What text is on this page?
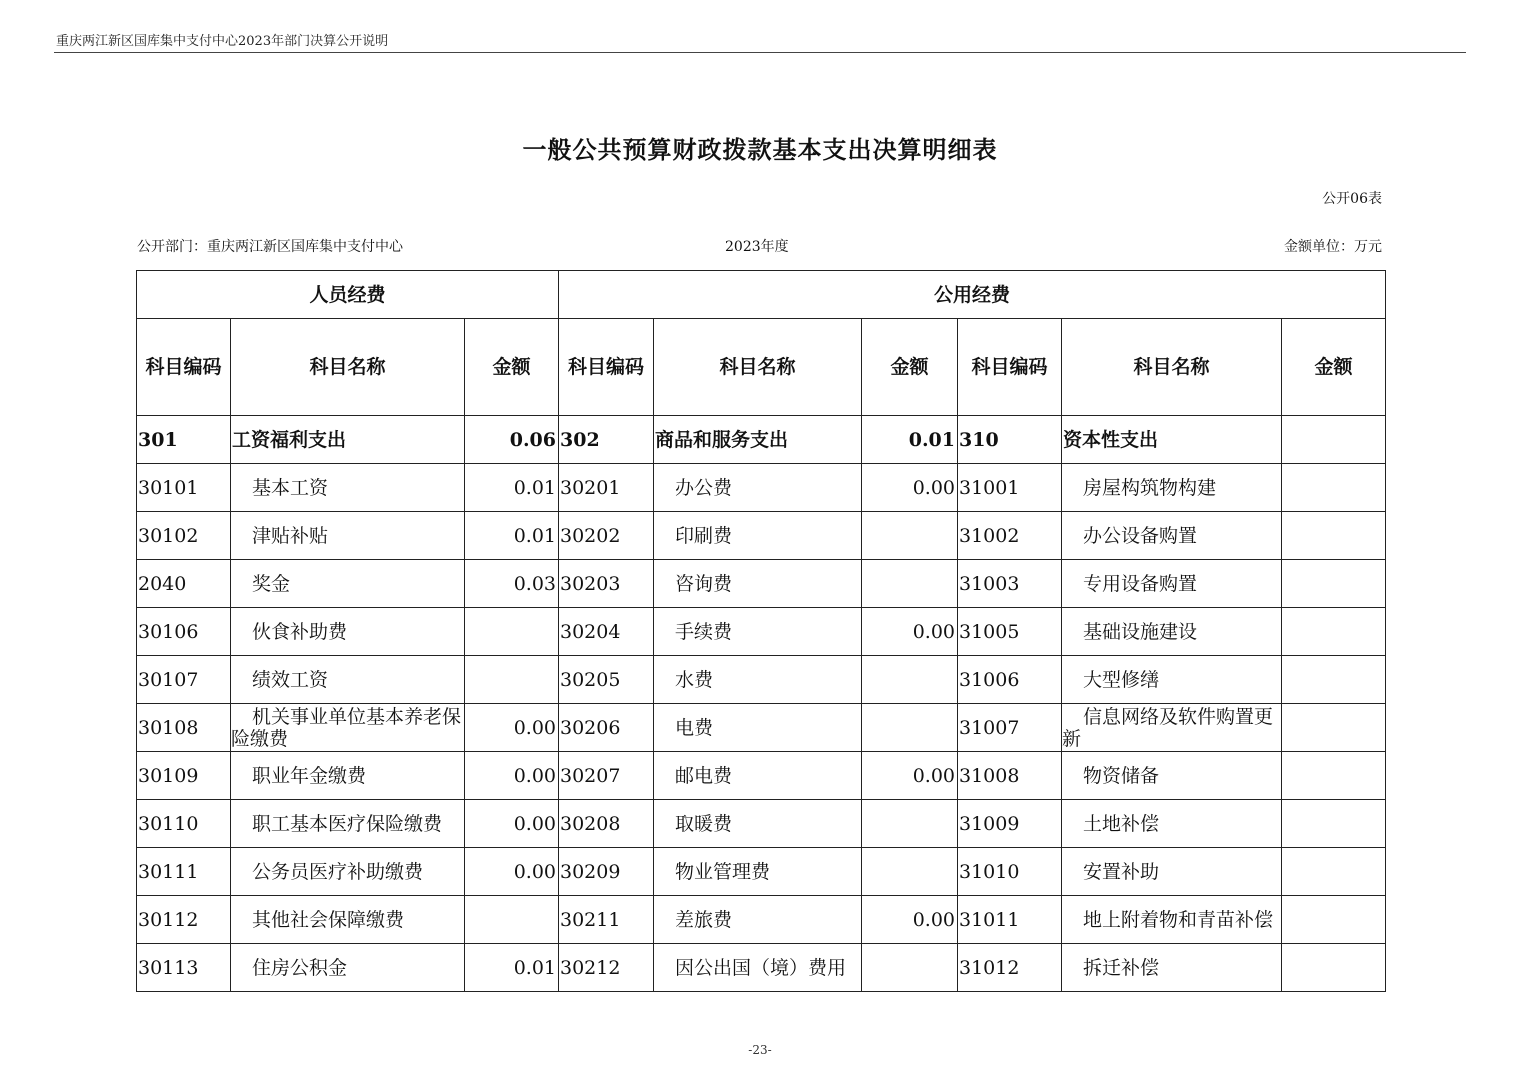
重庆两江新区国库集中支付中心2023年部门决算公开说明
一般公共预算财政拨款基本支出决算明细表
公开06表
公开部门：重庆两江新区国库集中支付中心	2023年度	金额单位：万元
人员经费			公用经费					
科目编码	科目名称	金额	科目编码	科目名称	金额	科目编码	科目名称	金额
301	工资福利支出	0.06	302	商品和服务支出	0.01	310	资本性支出	
30101	基本工资	0.01	30201	办公费	0.00	31001	房屋构筑物构建	
30102	津贴补贴	0.01	30202	印刷费		31002	办公设备购置	
2040	奖金	0.03	30203	咨询费		31003	专用设备购置	
30106	伙食补助费		30204	手续费	0.00	31005	基础设施建设	
30107	绩效工资		30205	水费		31006	大型修缮	
30108	机关事业单位基本养老保险缴费	0.00	30206	电费		31007	信息网络及软件购置更新	
30109	职业年金缴费	0.00	30207	邮电费	0.00	31008	物资储备	
30110	职工基本医疗保险缴费	0.00	30208	取暖费		31009	土地补偿	
30111	公务员医疗补助缴费	0.00	30209	物业管理费		31010	安置补助	
30112	其他社会保障缴费		30211	差旅费	0.00	31011	地上附着物和青苗补偿	
30113	住房公积金	0.01	30212	因公出国（境）费用		31012	拆迁补偿	
-23-
